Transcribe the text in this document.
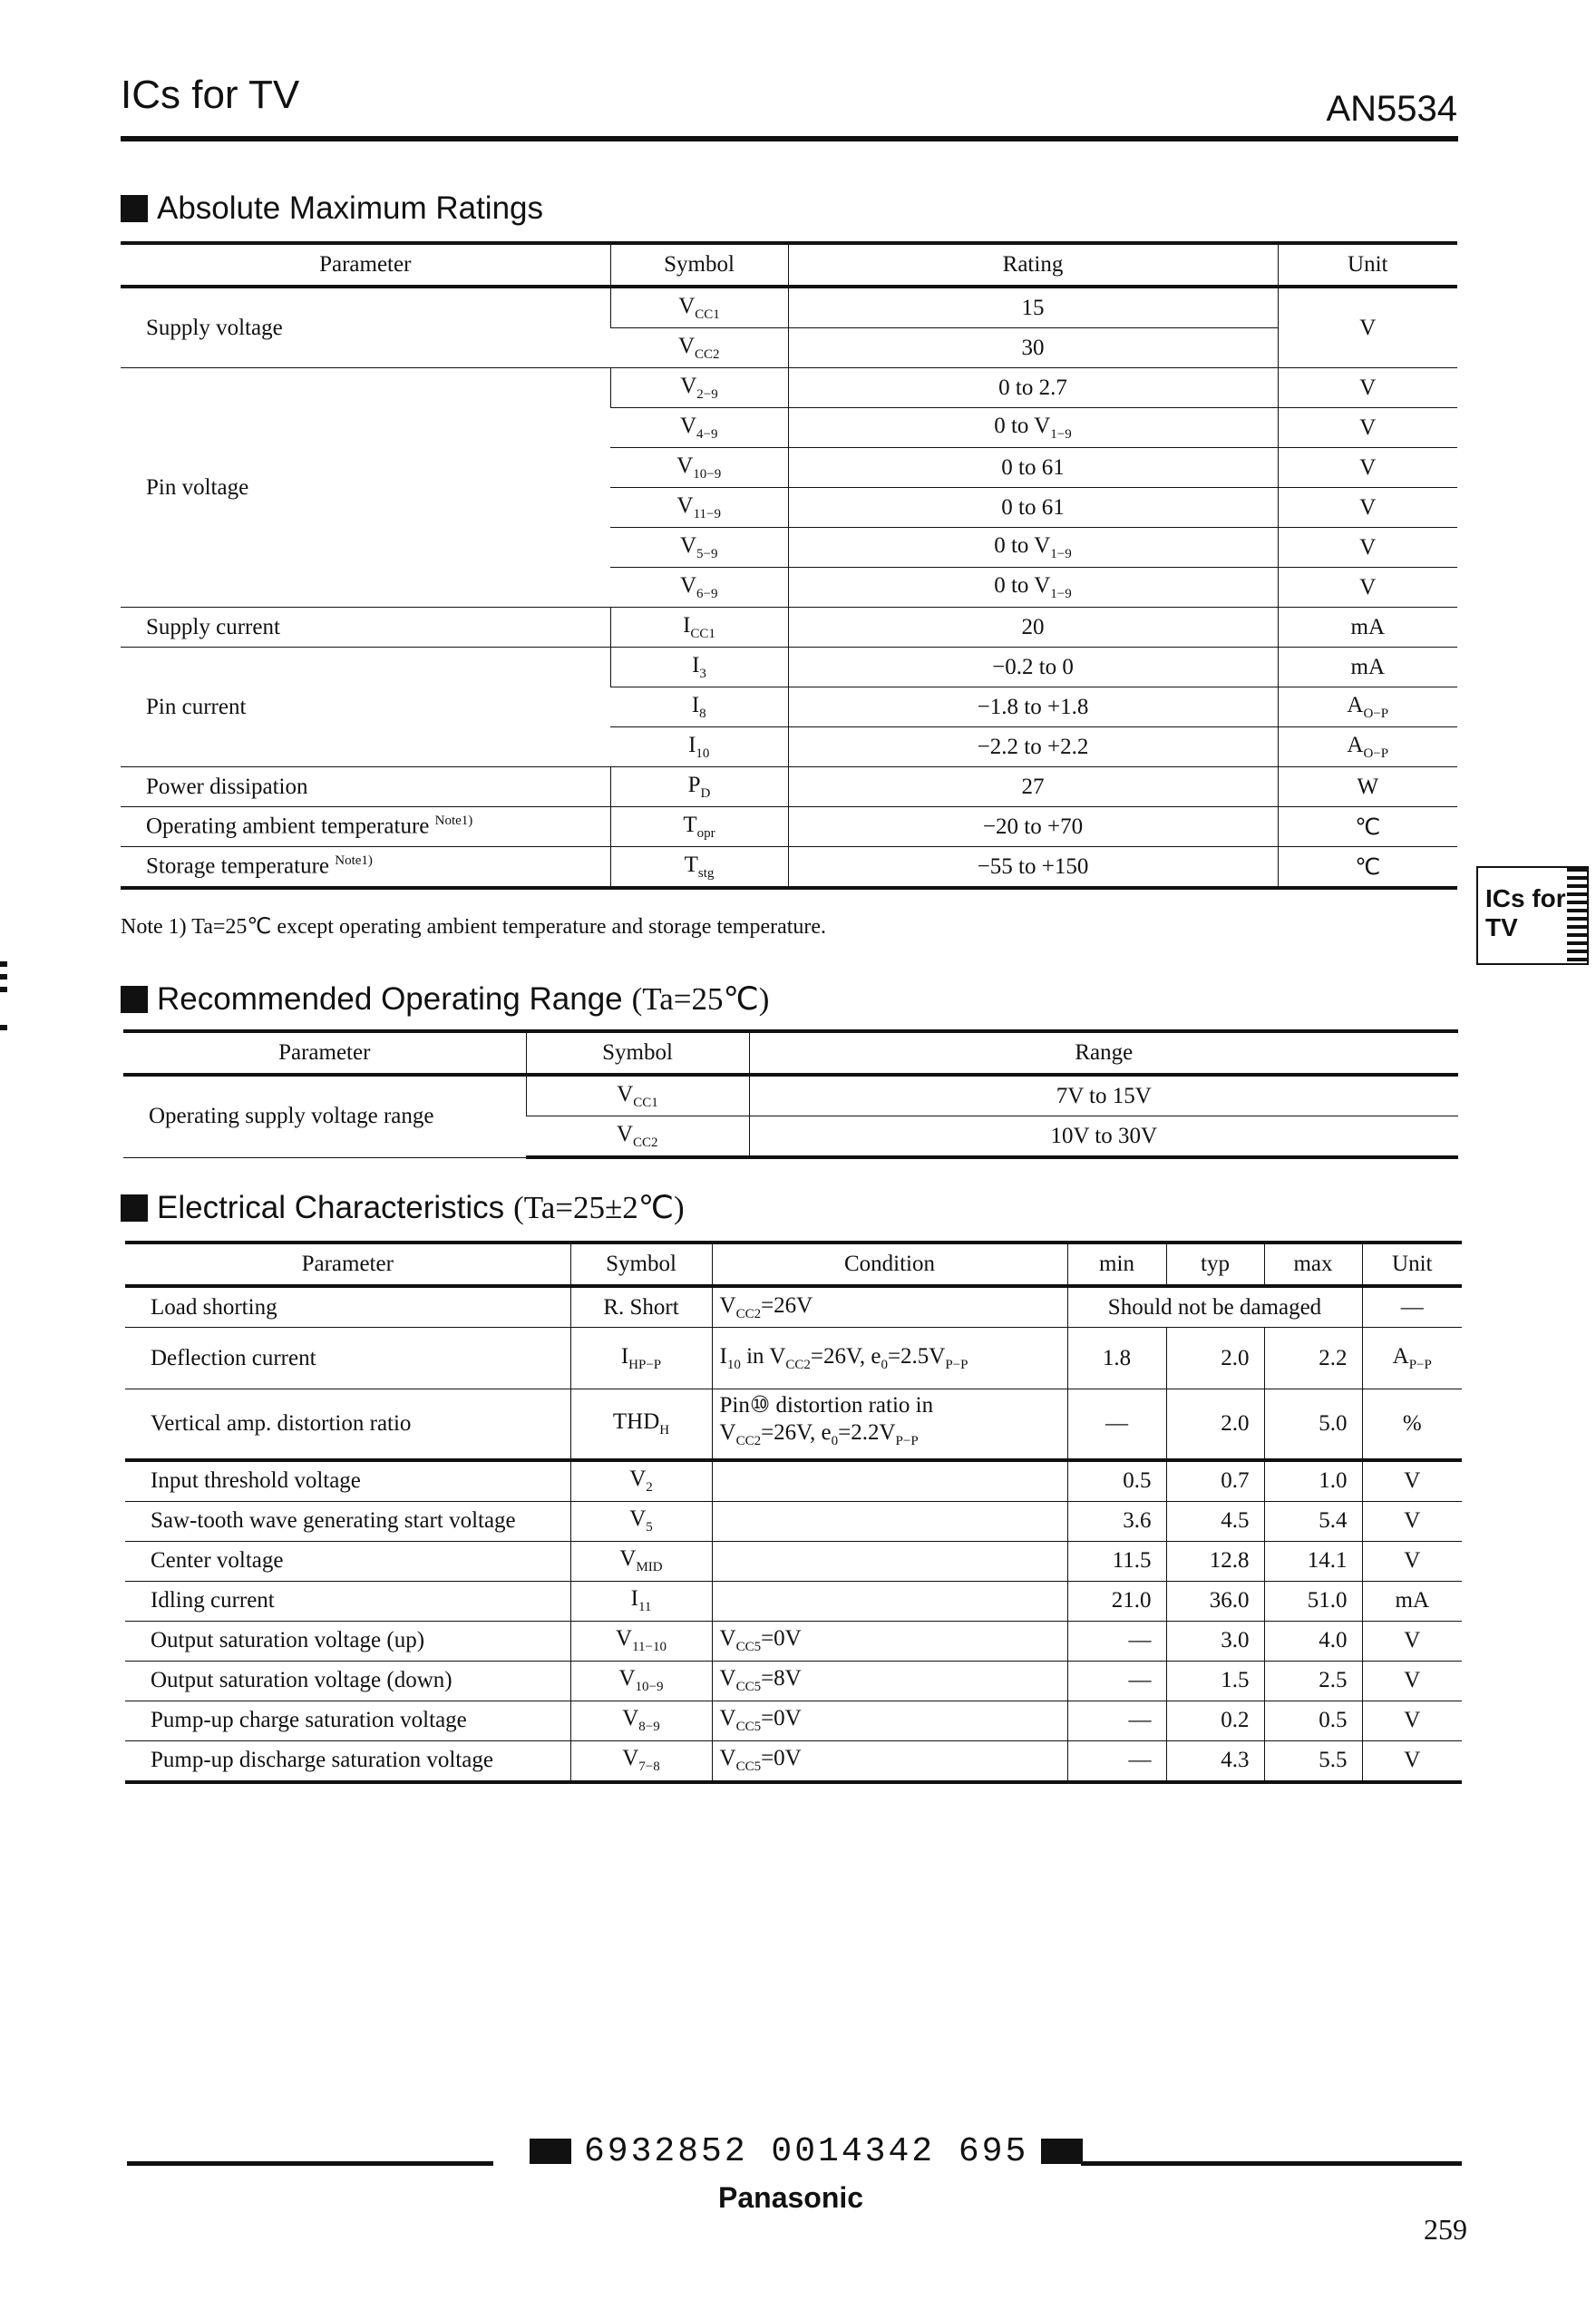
ICs for TV	AN5534
Absolute Maximum Ratings
Parameter	Symbol	Rating	Unit
Supply voltage	$V_{CC1}$	15	V
	$V_{CC2}$	30	
Pin voltage	$V_{2-9}$	0 to 2.7	V
	$V_{4-9}$	0 to $V_{1-9}$	V
	$V_{10-9}$	0 to 61	V
	$V_{11-9}$	0 to 61	V
	$V_{5-9}$	0 to $V_{1-9}$	V
	$V_{6-9}$	0 to $V_{1-9}$	V
Supply current	$I_{CC1}$	20	mA
Pin current	$I_3$	−0.2 to 0	mA
	$I_8$	−1.8 to +1.8	$A_{O-P}$
	$I_{10}$	−2.2 to +2.2	$A_{O-P}$
Power dissipation	$P_D$	27	W
Operating ambient temperature $^{Note1)}$	$T_{opr}$	−20 to +70	℃
Storage temperature $^{Note1)}$	$T_{stg}$	−55 to +150	℃
Note 1) Ta=25℃ except operating ambient temperature and storage temperature.
ICs for
TV
Recommended Operating Range (Ta=25℃)
Parameter	Symbol	Range
Operating supply voltage range	$V_{CC1}$	7V to 15V
	$V_{CC2}$	10V to 30V
Electrical Characteristics (Ta=25±2℃)
Parameter	Symbol	Condition	min	typ	max	Unit
Load shorting	R. Short	$V_{CC2}=26V$	Should not be damaged			—
Deflection current	$I_{HP-P}$	$I_{10}$ in $V_{CC2}=26V$, $e_0=2.5V_{P-P}$	1.8	2.0	2.2	$A_{P-P}$
Vertical amp. distortion ratio	$THD_H$	Pin⑩ distortion ratio in
$V_{CC2}=26V$, $e_0=2.2V_{P-P}$	—	2.0	5.0	%
Input threshold voltage	$V_2$		0.5	0.7	1.0	V
Saw-tooth wave generating start voltage	$V_5$		3.6	4.5	5.4	V
Center voltage	$V_{MID}$		11.5	12.8	14.1	V
Idling current	$I_{11}$		21.0	36.0	51.0	mA
Output saturation voltage (up)	$V_{11-10}$	$V_{CC5}=0V$	—	3.0	4.0	V
Output saturation voltage (down)	$V_{10-9}$	$V_{CC5}=8V$	—	1.5	2.5	V
Pump-up charge saturation voltage	$V_{8-9}$	$V_{CC5}=0V$	—	0.2	0.5	V
Pump-up discharge saturation voltage	$V_{7-8}$	$V_{CC5}=0V$	—	4.3	5.5	V
6932852 0014342 695
Panasonic
259
